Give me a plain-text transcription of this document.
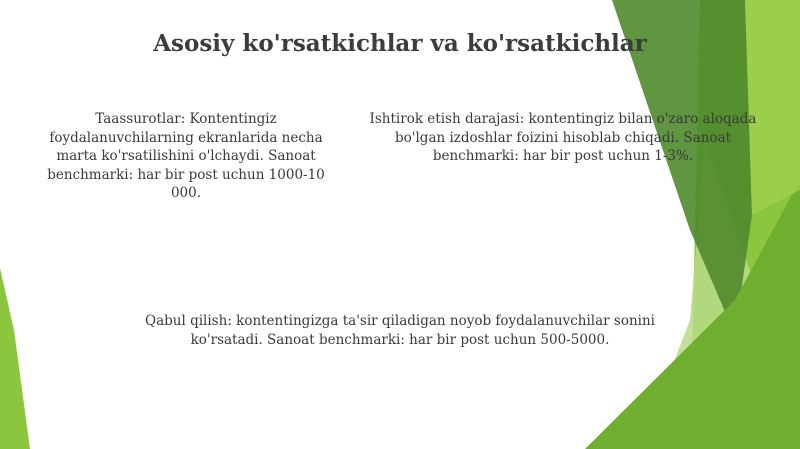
Asosiy ko'rsatkichlar va ko'rsatkichlar
Taassurotlar: Kontentingiz foydalanuvchilarning ekranlarida necha marta ko'rsatilishini o'lchaydi. Sanoat benchmarki: har bir post uchun 1000-10 000.
Ishtirok etish darajasi: kontentingiz bilan o'zaro aloqada bo'lgan izdoshlar foizini hisoblab chiqadi. Sanoat benchmarki: har bir post uchun 1-3%.
Qabul qilish: kontentingizga ta'sir qiladigan noyob foydalanuvchilar sonini ko'rsatadi. Sanoat benchmarki: har bir post uchun 500-5000.
